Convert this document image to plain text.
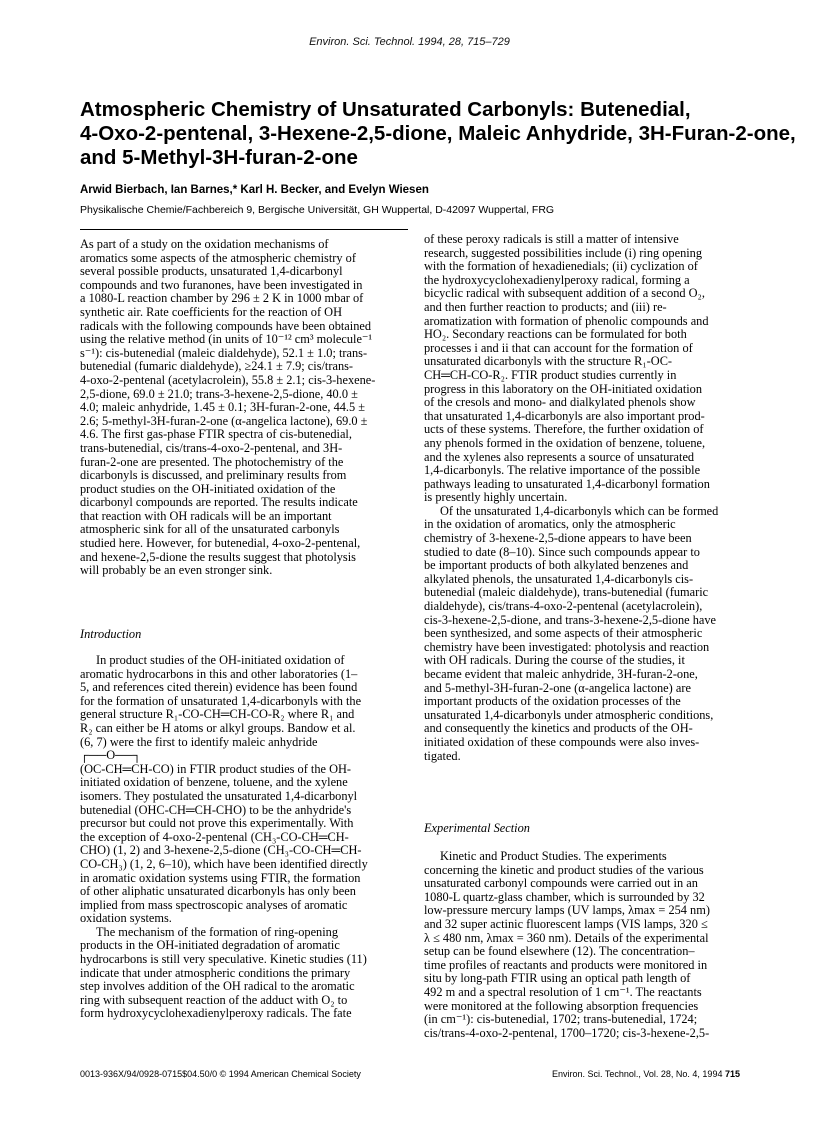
Environ. Sci. Technol. 1994, 28, 715–729
Atmospheric Chemistry of Unsaturated Carbonyls: Butenedial,
4-Oxo-2-pentenal, 3-Hexene-2,5-dione, Maleic Anhydride, 3H-Furan-2-one,
and 5-Methyl-3H-furan-2-one
Arwid Bierbach, Ian Barnes,* Karl H. Becker, and Evelyn Wiesen
Physikalische Chemie/Fachbereich 9, Bergische Universität, GH Wuppertal, D-42097 Wuppertal, FRG
As part of a study on the oxidation mechanisms of
aromatics some aspects of the atmospheric chemistry of
several possible products, unsaturated 1,4-dicarbonyl
compounds and two furanones, have been investigated in
a 1080-L reaction chamber by 296 ± 2 K in 1000 mbar of
synthetic air. Rate coefficients for the reaction of OH
radicals with the following compounds have been obtained
using the relative method (in units of 10⁻¹² cm³ molecule⁻¹
s⁻¹): cis-butenedial (maleic dialdehyde), 52.1 ± 1.0; trans-
butenedial (fumaric dialdehyde), ≥24.1 ± 7.9; cis/trans-
4-oxo-2-pentenal (acetylacrolein), 55.8 ± 2.1; cis-3-hexene-
2,5-dione, 69.0 ± 21.0; trans-3-hexene-2,5-dione, 40.0 ±
4.0; maleic anhydride, 1.45 ± 0.1; 3H-furan-2-one, 44.5 ±
2.6; 5-methyl-3H-furan-2-one (α-angelica lactone), 69.0 ±
4.6. The first gas-phase FTIR spectra of cis-butenedial,
trans-butenedial, cis/trans-4-oxo-2-pentenal, and 3H-
furan-2-one are presented. The photochemistry of the
dicarbonyls is discussed, and preliminary results from
product studies on the OH-initiated oxidation of the
dicarbonyl compounds are reported. The results indicate
that reaction with OH radicals will be an important
atmospheric sink for all of the unsaturated carbonyls
studied here. However, for butenedial, 4-oxo-2-pentenal,
and hexene-2,5-dione the results suggest that photolysis
will probably be an even stronger sink.
Introduction
In product studies of the OH-initiated oxidation of
aromatic hydrocarbons in this and other laboratories (1–
5, and references cited therein) evidence has been found
for the formation of unsaturated 1,4-dicarbonyls with the
general structure R₁-CO-CH═CH-CO-R₂ where R₁ and
R₂ can either be H atoms or alkyl groups. Bandow et al.
(6, 7) were the first to identify maleic anhydride
┌──O──┐
(OC-CH═CH-CO) in FTIR product studies of the OH-
initiated oxidation of benzene, toluene, and the xylene
isomers. They postulated the unsaturated 1,4-dicarbonyl
butenedial (OHC-CH═CH-CHO) to be the anhydride's
precursor but could not prove this experimentally. With
the exception of 4-oxo-2-pentenal (CH₃-CO-CH═CH-
CHO) (1, 2) and 3-hexene-2,5-dione (CH₃-CO-CH═CH-
CO-CH₃) (1, 2, 6–10), which have been identified directly
in aromatic oxidation systems using FTIR, the formation
of other aliphatic unsaturated dicarbonyls has only been
implied from mass spectroscopic analyses of aromatic
oxidation systems.
The mechanism of the formation of ring-opening
products in the OH-initiated degradation of aromatic
hydrocarbons is still very speculative. Kinetic studies (11)
indicate that under atmospheric conditions the primary
step involves addition of the OH radical to the aromatic
ring with subsequent reaction of the adduct with O₂ to
form hydroxycyclohexadienylperoxy radicals. The fate
of these peroxy radicals is still a matter of intensive
research, suggested possibilities include (i) ring opening
with the formation of hexadienedials; (ii) cyclization of
the hydroxycyclohexadienylperoxy radical, forming a
bicyclic radical with subsequent addition of a second O₂,
and then further reaction to products; and (iii) re-
aromatization with formation of phenolic compounds and
HO₂. Secondary reactions can be formulated for both
processes i and ii that can account for the formation of
unsaturated dicarbonyls with the structure R₁-OC-
CH═CH-CO-R₂. FTIR product studies currently in
progress in this laboratory on the OH-initiated oxidation
of the cresols and mono- and dialkylated phenols show
that unsaturated 1,4-dicarbonyls are also important prod-
ucts of these systems. Therefore, the further oxidation of
any phenols formed in the oxidation of benzene, toluene,
and the xylenes also represents a source of unsaturated
1,4-dicarbonyls. The relative importance of the possible
pathways leading to unsaturated 1,4-dicarbonyl formation
is presently highly uncertain.
Of the unsaturated 1,4-dicarbonyls which can be formed
in the oxidation of aromatics, only the atmospheric
chemistry of 3-hexene-2,5-dione appears to have been
studied to date (8–10). Since such compounds appear to
be important products of both alkylated benzenes and
alkylated phenols, the unsaturated 1,4-dicarbonyls cis-
butenedial (maleic dialdehyde), trans-butenedial (fumaric
dialdehyde), cis/trans-4-oxo-2-pentenal (acetylacrolein),
cis-3-hexene-2,5-dione, and trans-3-hexene-2,5-dione have
been synthesized, and some aspects of their atmospheric
chemistry have been investigated: photolysis and reaction
with OH radicals. During the course of the studies, it
became evident that maleic anhydride, 3H-furan-2-one,
and 5-methyl-3H-furan-2-one (α-angelica lactone) are
important products of the oxidation processes of the
unsaturated 1,4-dicarbonyls under atmospheric conditions,
and consequently the kinetics and products of the OH-
initiated oxidation of these compounds were also inves-
tigated.
Experimental Section
Kinetic and Product Studies. The experiments
concerning the kinetic and product studies of the various
unsaturated carbonyl compounds were carried out in an
1080-L quartz-glass chamber, which is surrounded by 32
low-pressure mercury lamps (UV lamps, λmax = 254 nm)
and 32 super actinic fluorescent lamps (VIS lamps, 320 ≤
λ ≤ 480 nm, λmax = 360 nm). Details of the experimental
setup can be found elsewhere (12). The concentration–
time profiles of reactants and products were monitored in
situ by long-path FTIR using an optical path length of
492 m and a spectral resolution of 1 cm⁻¹. The reactants
were monitored at the following absorption frequencies
(in cm⁻¹): cis-butenedial, 1702; trans-butenedial, 1724;
cis/trans-4-oxo-2-pentenal, 1700–1720; cis-3-hexene-2,5-
0013-936X/94/0928-0715$04.50/0 © 1994 American Chemical Society	Environ. Sci. Technol., Vol. 28, No. 4, 1994 715
